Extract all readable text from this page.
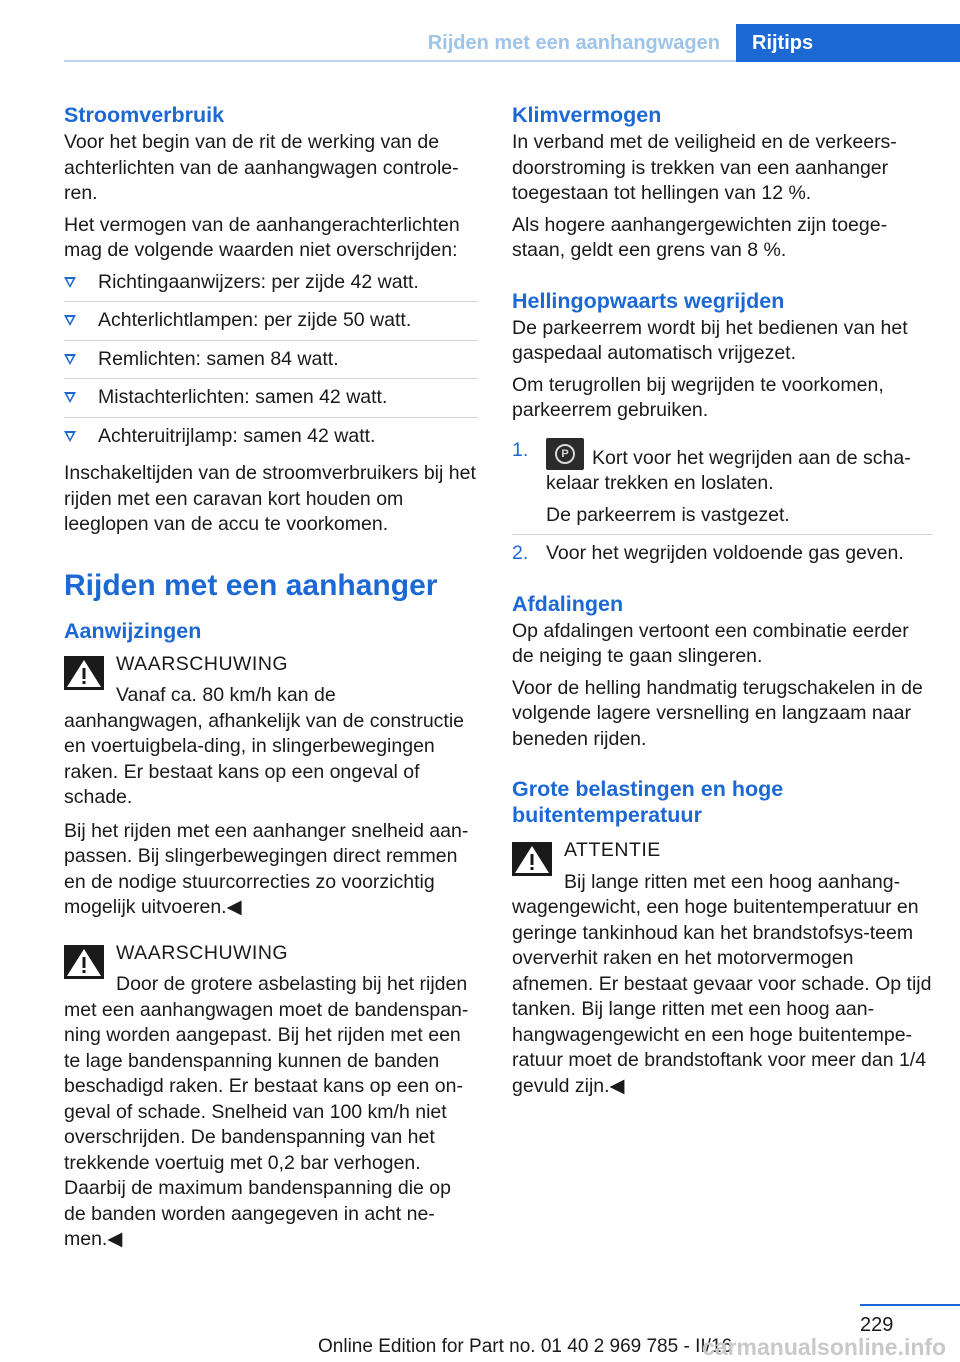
Rijden met een aanhangwagen	Rijtips
Stroomverbruik

Voor het begin van de rit de werking van de achterlichten van de aanhangwagen controle‐ren.

Het vermogen van de aanhangerachterlichten mag de volgende waarden niet overschrijden:

Richtingaanwijzers: per zijde 42 watt.
Achterlichtlampen: per zijde 50 watt.
Remlichten: samen 84 watt.
Mistachterlichten: samen 42 watt.
Achteruitrijlamp: samen 42 watt.

Inschakeltijden van de stroomverbruikers bij het rijden met een caravan kort houden om leeglopen van de accu te voorkomen.

Rijden met een aanhanger
Aanwijzingen
WAARSCHUWING

Vanaf ca. 80 km/h kan de aanhangwagen, afhankelijk van de constructie en voertuigbela‐ding, in slingerbewegingen raken. Er bestaat kans op een ongeval of schade.

Bij het rijden met een aanhanger snelheid aan‐passen. Bij slingerbewegingen direct remmen en de nodige stuurcorrecties zo voorzichtig mogelijk uitvoeren.◀

WAARSCHUWING

Door de grotere asbelasting bij het rijden met een aanhangwagen moet de bandenspan‐ning worden aangepast. Bij het rijden met een te lage bandenspanning kunnen de banden beschadigd raken. Er bestaat kans op een on‐geval of schade. Snelheid van 100 km/h niet overschrijden. De bandenspanning van het trekkende voertuig met 0,2 bar verhogen. Daarbij de maximum bandenspanning die op de banden worden aangegeven in acht ne‐men.◀

Klimvermogen

In verband met de veiligheid en de verkeers‐doorstroming is trekken van een aanhanger toegestaan tot hellingen van 12 %.

Als hogere aanhangergewichten zijn toege‐staan, geldt een grens van 8 %.

Hellingopwaarts wegrijden

De parkeerrem wordt bij het bedienen van het gaspedaal automatisch vrijgezet.

Om terugrollen bij wegrijden te voorkomen, parkeerrem gebruiken.

1.	P	Kort voor het wegrijden aan de scha‐kelaar trekken en loslaten.
De parkeerrem is vastgezet.
2. Voor het wegrijden voldoende gas geven.
Afdalingen

Op afdalingen vertoont een combinatie eerder de neiging te gaan slingeren.

Voor de helling handmatig terugschakelen in de volgende lagere versnelling en langzaam naar beneden rijden.

Grote belastingen en hoge buitentemperatuur
ATTENTIE

Bij lange ritten met een hoog aanhang‐wagengewicht, een hoge buitentemperatuur en geringe tankinhoud kan het brandstofsys‐teem oververhit raken en het motorvermogen afnemen. Er bestaat gevaar voor schade. Op tijd tanken. Bij lange ritten met een hoog aan‐hangwagengewicht en een hoge buitentempe‐ratuur moet de brandstoftank voor meer dan 1/4 gevuld zijn.◀

229
Online Edition for Part no. 01 40 2 969 785 - II/16
carmanualsonline.info
